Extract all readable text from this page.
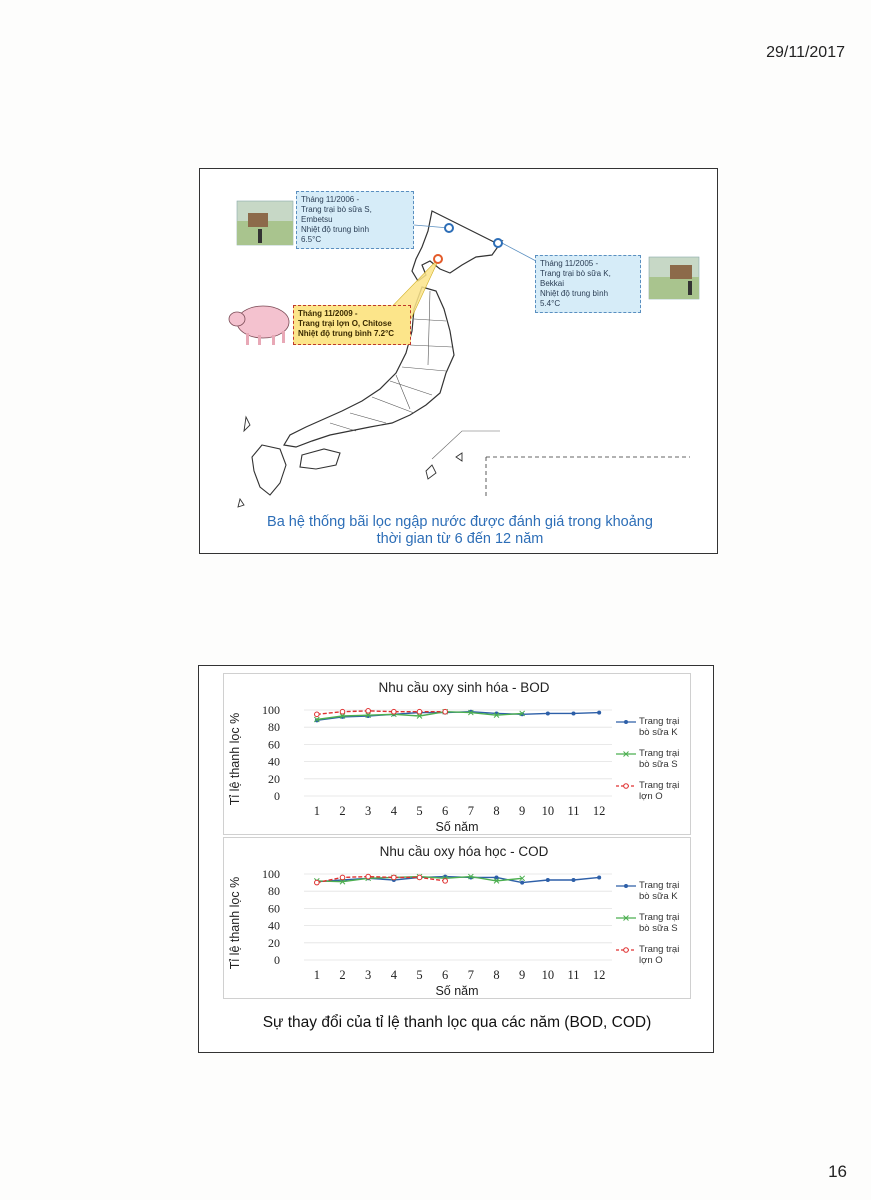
29/11/2017
16
Tháng 11/2006 -
Trang trại bò sữa S,
Embetsu
Nhiệt độ trung bình
6.5°C
Tháng 11/2005 -
Trang trại bò sữa K,
Bekkai
Nhiệt độ trung bình
5.4°C
Tháng 11/2009 -
Trang trại lợn O, Chitose
Nhiệt độ trung bình 7.2°C
Ba hệ thống bãi lọc ngập nước được đánh giá trong khoảng
thời gian từ 6 đến 12 năm
Nhu cầu oxy sinh hóa - BOD
100
80
60
40
20
0
Tỉ lệ thanh lọc %
1 2 3 4 5 6 7 8 9 10 11 12
Số năm
Trang trại bò sữa K
Trang trại bò sữa S
Trang trại lợn O
Nhu cầu oxy hóa học - COD
100
80
60
40
20
0
Tỉ lệ thanh lọc %
1 2 3 4 5 6 7 8 9 10 11 12
Số năm
Trang trại bò sữa K
Trang trại bò sữa S
Trang trại lợn O
Sự thay đổi của tỉ lệ thanh lọc qua các năm (BOD, COD)
